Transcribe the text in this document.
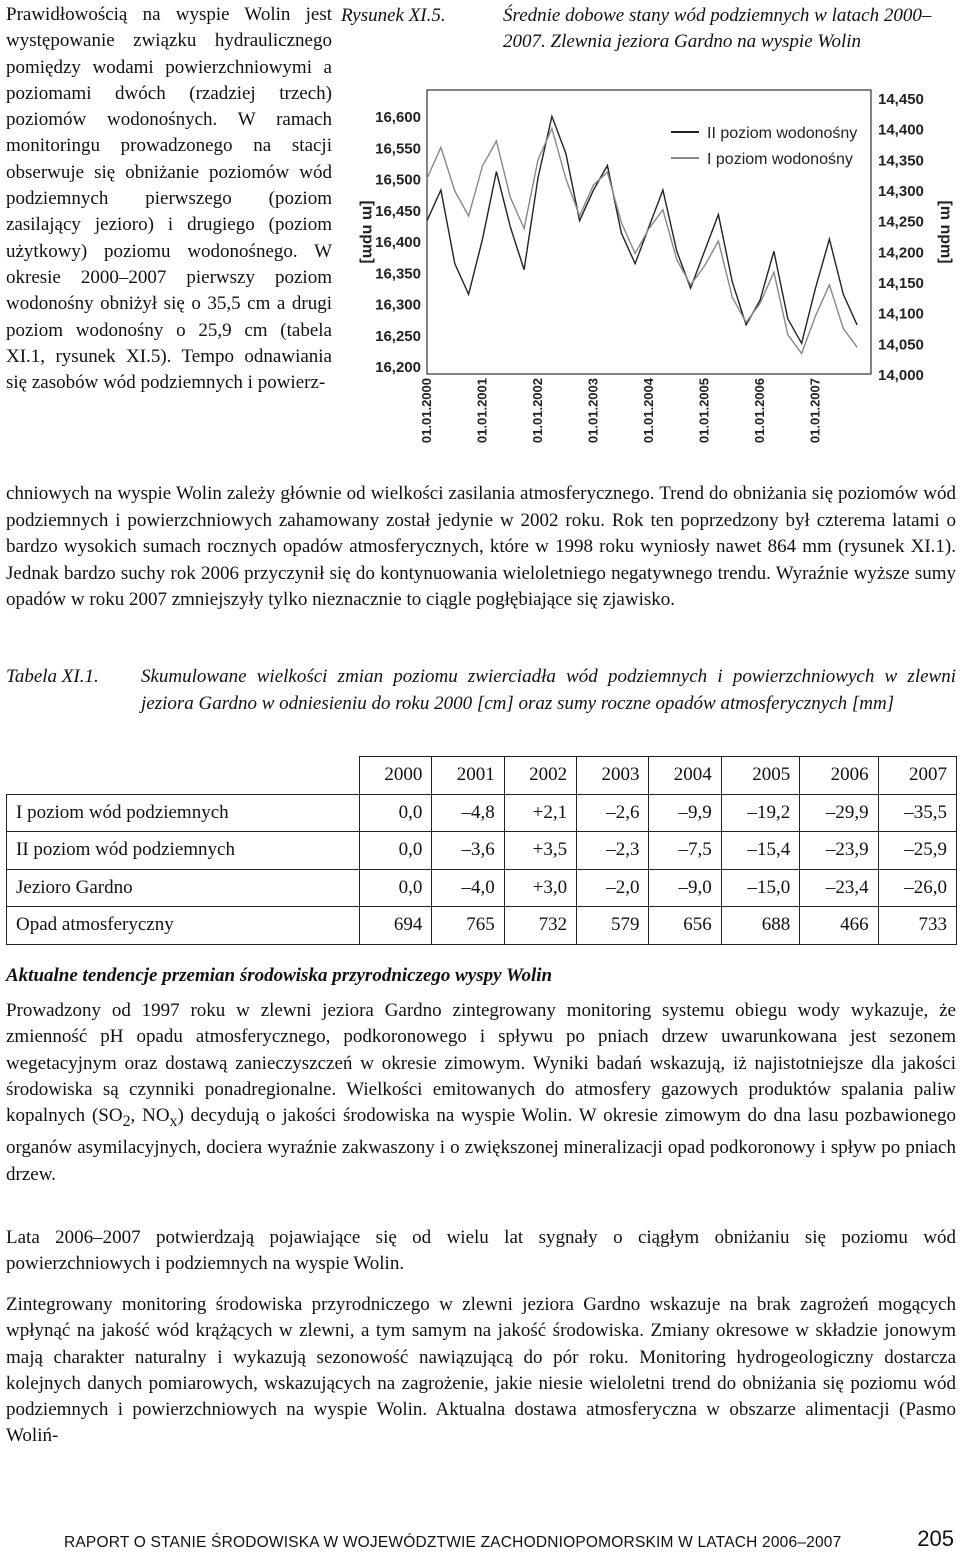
Prawidłowością na wyspie Wolin jest występowanie związku hydraulicznego pomiędzy wodami powierzchniowymi a poziomami dwóch (rzadziej trzech) poziomów wodonośnych. W ramach monitoringu prowadzonego na stacji obserwuje się obniżanie poziomów wód podziemnych pierwszego (poziom zasilający jezioro) i drugiego (poziom użytkowy) poziomu wodonośnego. W okresie 2000–2007 pierwszy poziom wodonośny obniżył się o 35,5 cm a drugi poziom wodonośny o 25,9 cm (tabela XI.1, rysunek XI.5). Tempo odnawiania się zasobów wód podziemnych i powierz-
Rysunek XI.5.	Średnie dobowe stany wód podziemnych w latach 2000–2007. Zlewnia jeziora Gardno na wyspie Wolin
16,600
16,550
16,500
16,450
16,400
16,350
16,300
16,250
16,200
14,450
14,400
14,350
14,300
14,250
14,200
14,150
14,100
14,050
14,000
[m npm]	[m npm]
01.01.2000	01.01.2001	01.01.2002	01.01.2003	01.01.2004	01.01.2005	01.01.2006	01.01.2007
II poziom wodonośny
I poziom wodonośny
chniowych na wyspie Wolin zależy głównie od wielkości zasilania atmosferycznego. Trend do obniżania się poziomów wód podziemnych i powierzchniowych zahamowany został jedynie w 2002 roku. Rok ten poprzedzony był czterema latami o bardzo wysokich sumach rocznych opadów atmosferycznych, które w 1998 roku wyniosły nawet 864 mm (rysunek XI.1). Jednak bardzo suchy rok 2006 przyczynił się do kontynuowania wieloletniego negatywnego trendu. Wyraźnie wyższe sumy opadów w roku 2007 zmniejszyły tylko nieznacznie to ciągle pogłębiające się zjawisko.
Tabela XI.1. Skumulowane wielkości zmian poziomu zwierciadła wód podziemnych i powierzchniowych w zlewni jeziora Gardno w odniesieniu do roku 2000 [cm] oraz sumy roczne opadów atmosferycznych [mm]
	2000	2001	2002	2003	2004	2005	2006	2007
I poziom wód podziemnych	0,0	–4,8	+2,1	–2,6	–9,9	–19,2	–29,9	–35,5
II poziom wód podziemnych	0,0	–3,6	+3,5	–2,3	–7,5	–15,4	–23,9	–25,9
Jezioro Gardno	0,0	–4,0	+3,0	–2,0	–9,0	–15,0	–23,4	–26,0
Opad atmosferyczny	694	765	732	579	656	688	466	733
Aktualne tendencje przemian środowiska przyrodniczego wyspy Wolin
Prowadzony od 1997 roku w zlewni jeziora Gardno zintegrowany monitoring systemu obiegu wody wykazuje, że zmienność pH opadu atmosferycznego, podkoronowego i spływu po pniach drzew uwarunkowana jest sezonem wegetacyjnym oraz dostawą zanieczyszczeń w okresie zimowym. Wyniki badań wskazują, iż najistotniejsze dla jakości środowiska są czynniki ponadregionalne. Wielkości emitowanych do atmosfery gazowych produktów spalania paliw kopalnych ($SO_2$, $NO_x$) decydują o jakości środowiska na wyspie Wolin. W okresie zimowym do dna lasu pozbawionego organów asymilacyjnych, dociera wyraźnie zakwaszony i o zwiększonej mineralizacji opad podkoronowy i spływ po pniach drzew.
Lata 2006–2007 potwierdzają pojawiające się od wielu lat sygnały o ciągłym obniżaniu się poziomu wód powierzchniowych i podziemnych na wyspie Wolin.
Zintegrowany monitoring środowiska przyrodniczego w zlewni jeziora Gardno wskazuje na brak zagrożeń mogących wpłynąć na jakość wód krążących w zlewni, a tym samym na jakość środowiska. Zmiany okresowe w składzie jonowym mają charakter naturalny i wykazują sezonowość nawiązującą do pór roku. Monitoring hydrogeologiczny dostarcza kolejnych danych pomiarowych, wskazujących na zagrożenie, jakie niesie wieloletni trend do obniżania się poziomu wód podziemnych i powierzchniowych na wyspie Wolin. Aktualna dostawa atmosferyczna w obszarze alimentacji (Pasmo Woliń-
RAPORT O STANIE ŚRODOWISKA W WOJEWÓDZTWIE ZACHODNIOPOMORSKIM W LATACH 2006–2007	205
